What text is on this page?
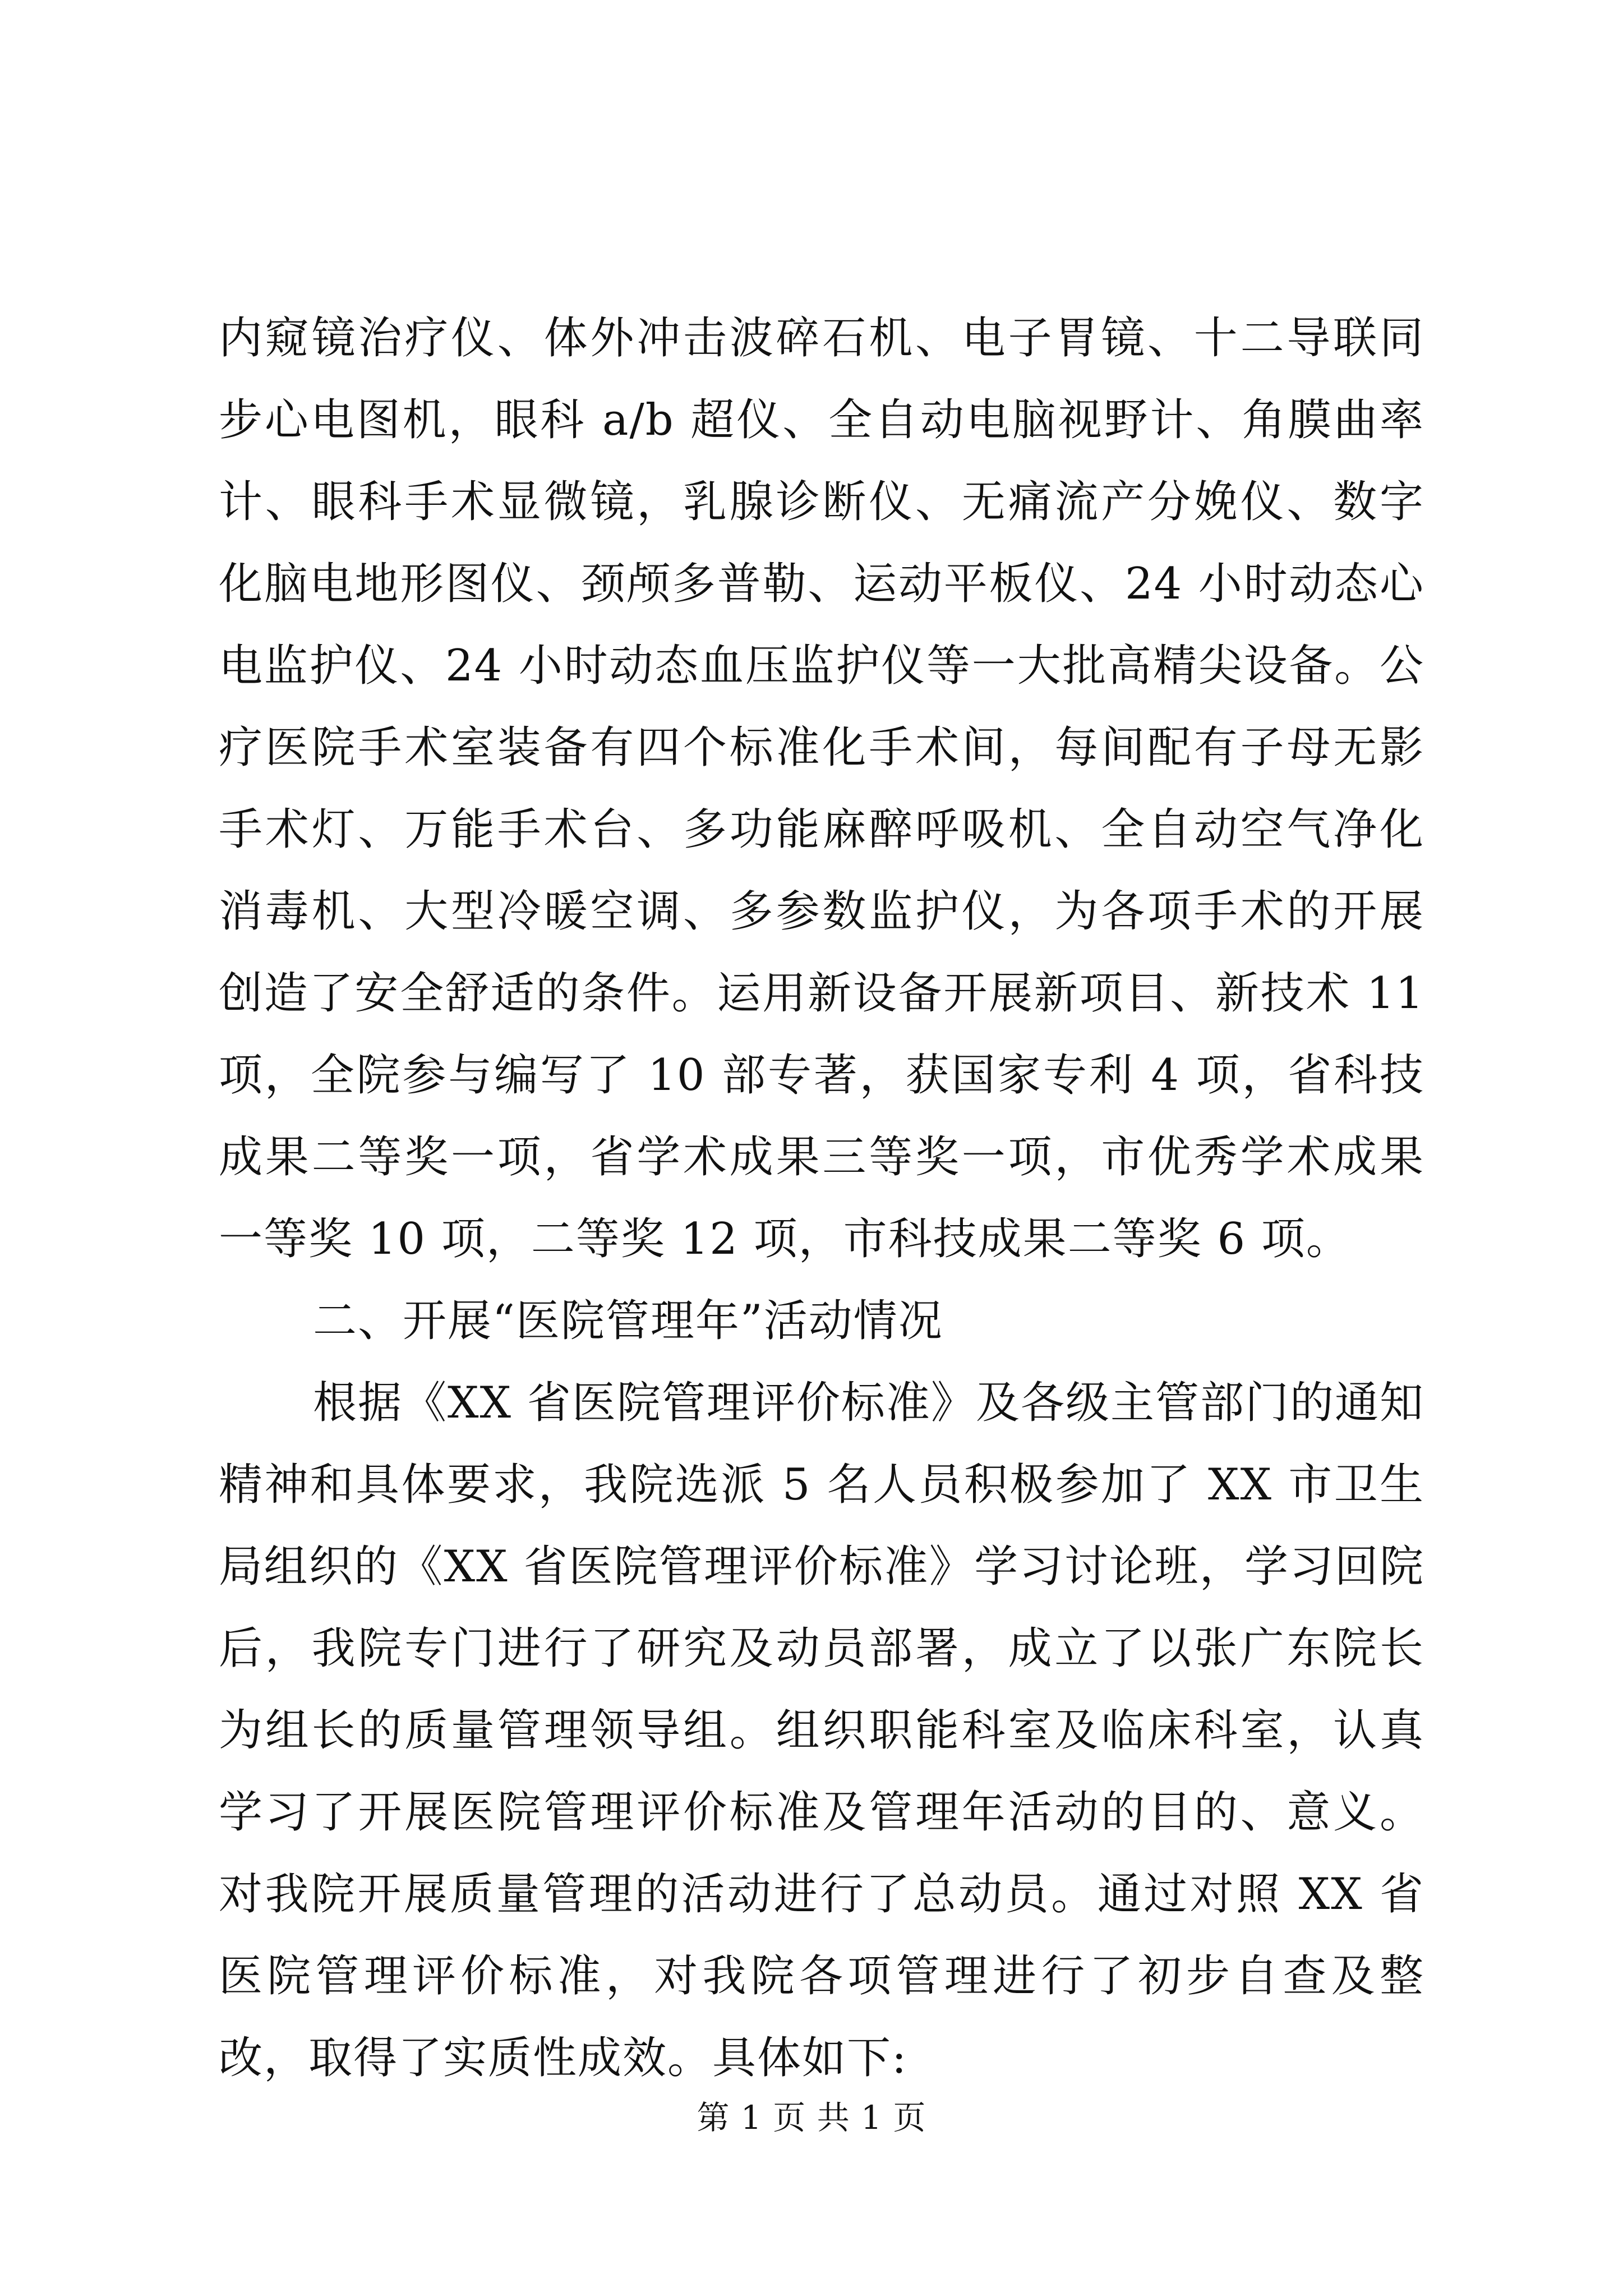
内窥镜治疗仪、体外冲击波碎石机、电子胃镜、十二导联同步心电图机，眼科 a/b 超仪、全自动电脑视野计、角膜曲率计、眼科手术显微镜，乳腺诊断仪、无痛流产分娩仪、数字化脑电地形图仪、颈颅多普勒、运动平板仪、24 小时动态心电监护仪、24 小时动态血压监护仪等一大批高精尖设备。公疗医院手术室装备有四个标准化手术间，每间配有子母无影手术灯、万能手术台、多功能麻醉呼吸机、全自动空气净化消毒机、大型冷暖空调、多参数监护仪，为各项手术的开展创造了安全舒适的条件。运用新设备开展新项目、新技术 11 项，全院参与编写了 10 部专著，获国家专利 4 项，省科技成果二等奖一项，省学术成果三等奖一项，市优秀学术成果一等奖 10 项，二等奖 12 项，市科技成果二等奖 6 项。

二、开展“医院管理年”活动情况

根据《XX 省医院管理评价标准》及各级主管部门的通知精神和具体要求，我院选派 5 名人员积极参加了 XX 市卫生局组织的《XX 省医院管理评价标准》学习讨论班，学习回院后，我院专门进行了研究及动员部署，成立了以张广东院长为组长的质量管理领导组。组织职能科室及临床科室，认真学习了开展医院管理评价标准及管理年活动的目的、意义。对我院开展质量管理的活动进行了总动员。通过对照 XX 省医院管理评价标准，对我院各项管理进行了初步自查及整改，取得了实质性成效。具体如下:

第 1 页 共 1 页
